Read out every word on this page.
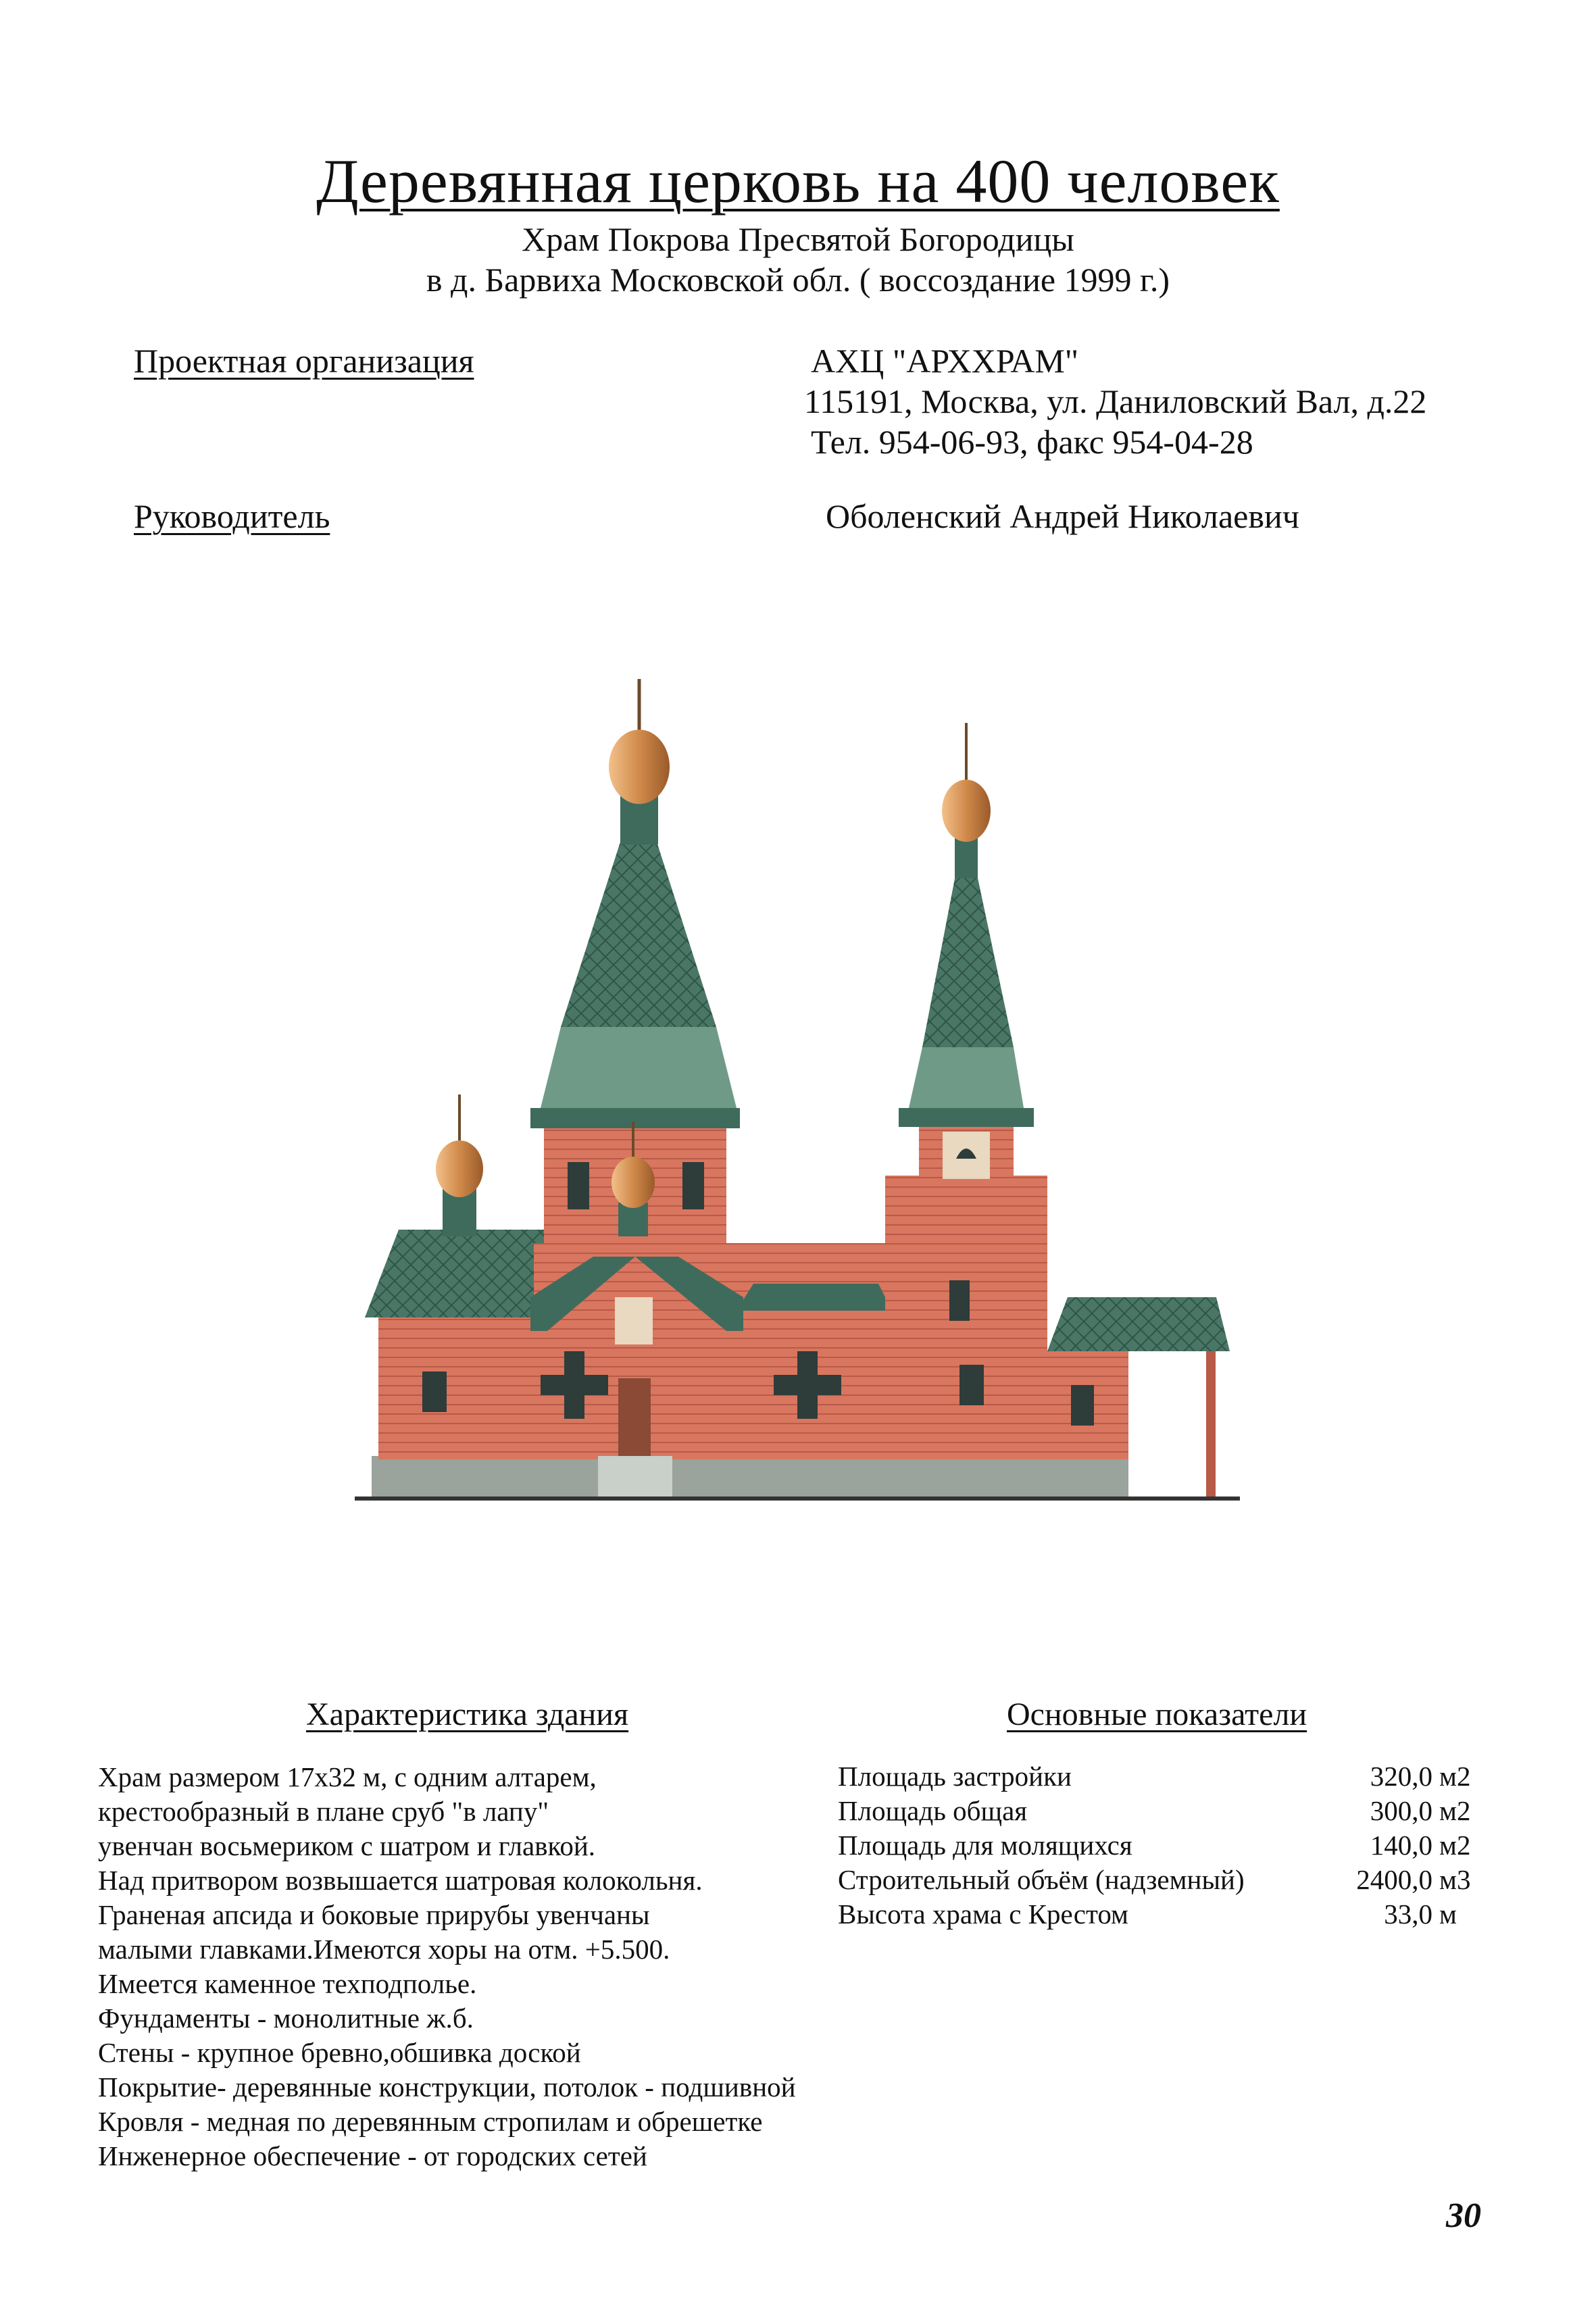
Деревянная церковь на 400 человек
Храм Покрова Пресвятой Богородицы
в д. Барвиха Московской обл. ( воссоздание 1999 г.)
Проектная организация	АХЦ "АРХХРАМ"
115191, Москва, ул. Даниловский Вал, д.22
Тел. 954-06-93, факс 954-04-28
Руководитель	Оболенский Андрей Николаевич
Характеристика здания
Храм размером 17х32 м, с одним алтарем,
крестообразный в плане сруб "в лапу"
увенчан восьмериком с шатром и главкой.
Над притвором возвышается шатровая колокольня.
Граненая апсида и боковые прирубы увенчаны
малыми главками.Имеются хоры на отм. +5.500.
Имеется каменное техподполье.
Фундаменты - монолитные ж.б.
Стены - крупное бревно,обшивка доской
Покрытие- деревянные конструкции, потолок - подшивной
Кровля - медная по деревянным стропилам и обрешетке
Инженерное обеспечение - от городских сетей
Основные показатели
Площадь застройки	320,0 м2
Площадь общая	300,0 м2
Площадь для молящихся	140,0 м2
Строительный объём (надземный)	2400,0 м3
Высота храма с Крестом	33,0 м
30
